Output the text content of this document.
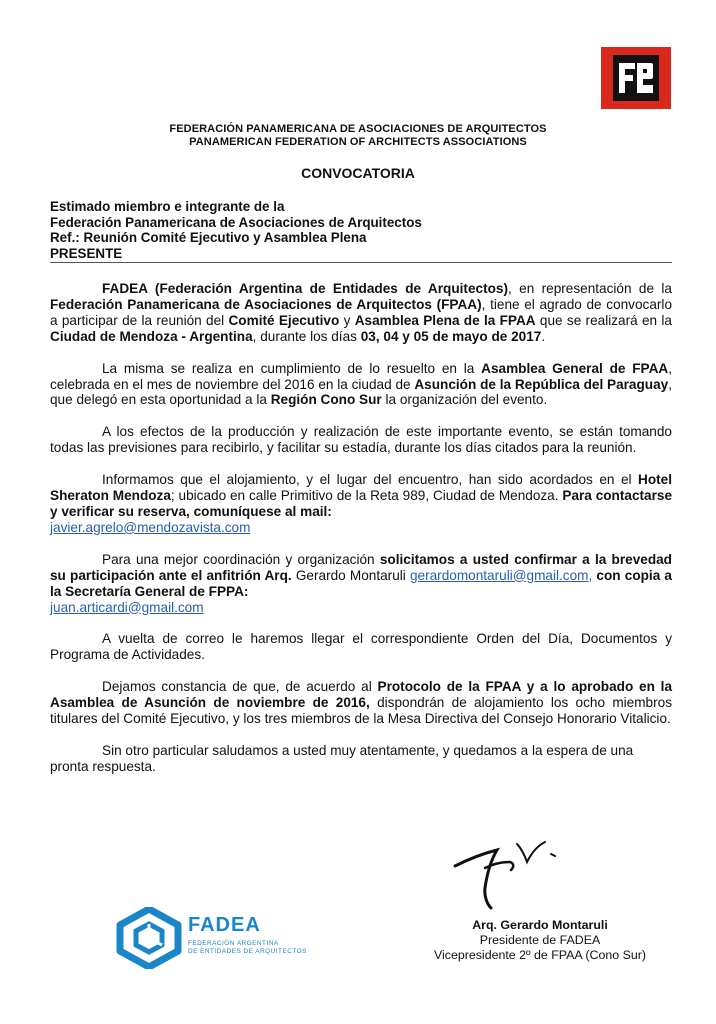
FEDERACIÓN PANAMERICANA DE ASOCIACIONES DE ARQUITECTOS
PANAMERICAN FEDERATION OF ARCHITECTS ASSOCIATIONS
CONVOCATORIA
Estimado miembro e integrante de la
Federación Panamericana de Asociaciones de Arquitectos
Ref.: Reunión Comité Ejecutivo y Asamblea Plena
PRESENTE

FADEA (Federación Argentina de Entidades de Arquitectos), en representación de la Federación Panamericana de Asociaciones de Arquitectos (FPAA), tiene el agrado de convocarlo a participar de la reunión del Comité Ejecutivo y Asamblea Plena de la FPAA que se realizará en la Ciudad de Mendoza - Argentina, durante los días 03, 04 y 05 de mayo de 2017.

La misma se realiza en cumplimiento de lo resuelto en la Asamblea General de FPAA, celebrada en el mes de noviembre del 2016 en la ciudad de Asunción de la República del Paraguay, que delegó en esta oportunidad a la Región Cono Sur la organización del evento.

A los efectos de la producción y realización de este importante evento, se están tomando todas las previsiones para recibirlo, y facilitar su estadía, durante los días citados para la reunión.

Informamos que el alojamiento, y el lugar del encuentro, han sido acordados en el Hotel Sheraton Mendoza; ubicado en calle Primitivo de la Reta 989, Ciudad de Mendoza. Para contactarse y verificar su reserva, comuníquese al mail:
javier.agrelo@mendozavista.com

Para una mejor coordinación y organización solicitamos a usted confirmar a la brevedad su participación ante el anfitrión Arq. Gerardo Montaruli gerardomontaruli@gmail.com, con copia a la Secretaría General de FPPA:
juan.articardi@gmail.com

A vuelta de correo le haremos llegar el correspondiente Orden del Día, Documentos y Programa de Actividades.

Dejamos constancia de que, de acuerdo al Protocolo de la FPAA y a lo aprobado en la Asamblea de Asunción de noviembre de 2016, dispondrán de alojamiento los ocho miembros titulares del Comité Ejecutivo, y los tres miembros de la Mesa Directiva del Consejo Honorario Vitalicio.

Sin otro particular saludamos a usted muy atentamente, y quedamos a la espera de una pronta respuesta.

Arq. Gerardo Montaruli
Presidente de FADEA
Vicepresidente 2º de FPAA (Cono Sur)
FADEA
FEDERACIÓN ARGENTINA
DE ENTIDADES DE ARQUITECTOS
